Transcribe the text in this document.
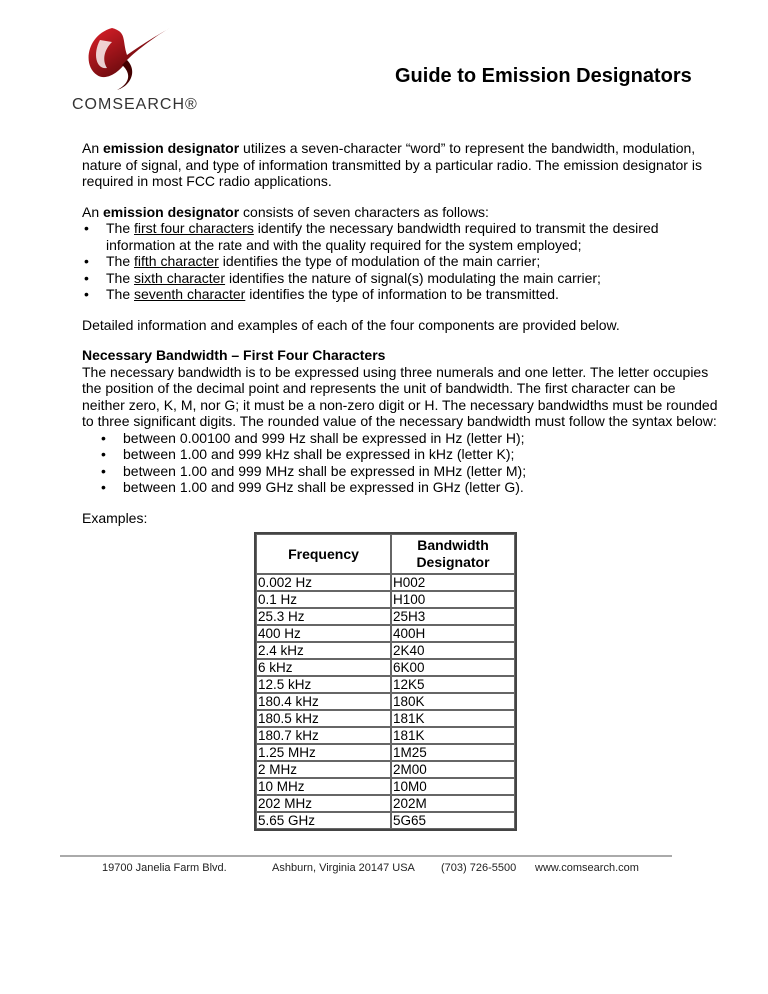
COMSEARCH®
Guide to Emission Designators
An emission designator utilizes a seven-character “word” to represent the bandwidth, modulation, nature of signal, and type of information transmitted by a particular radio. The emission designator is required in most FCC radio applications.
An emission designator consists of seven characters as follows:
• The first four characters identify the necessary bandwidth required to transmit the desired information at the rate and with the quality required for the system employed;
• The fifth character identifies the type of modulation of the main carrier;
• The sixth character identifies the nature of signal(s) modulating the main carrier;
• The seventh character identifies the type of information to be transmitted.
Detailed information and examples of each of the four components are provided below.
Necessary Bandwidth – First Four Characters
The necessary bandwidth is to be expressed using three numerals and one letter. The letter occupies the position of the decimal point and represents the unit of bandwidth. The first character can be neither zero, K, M, nor G; it must be a non-zero digit or H. The necessary bandwidths must be rounded to three significant digits. The rounded value of the necessary bandwidth must follow the syntax below:
• between 0.00100 and 999 Hz shall be expressed in Hz (letter H);
• between 1.00 and 999 kHz shall be expressed in kHz (letter K);
• between 1.00 and 999 MHz shall be expressed in MHz (letter M);
• between 1.00 and 999 GHz shall be expressed in GHz (letter G).
Examples:
Frequency	Bandwidth Designator
0.002 Hz	H002
0.1 Hz	H100
25.3 Hz	25H3
400 Hz	400H
2.4 kHz	2K40
6 kHz	6K00
12.5 kHz	12K5
180.4 kHz	180K
180.5 kHz	181K
180.7 kHz	181K
1.25 MHz	1M25
2 MHz	2M00
10 MHz	10M0
202 MHz	202M
5.65 GHz	5G65
19700 Janelia Farm Blvd.	Ashburn, Virginia 20147 USA (703) 726-5500 www.comsearch.com
